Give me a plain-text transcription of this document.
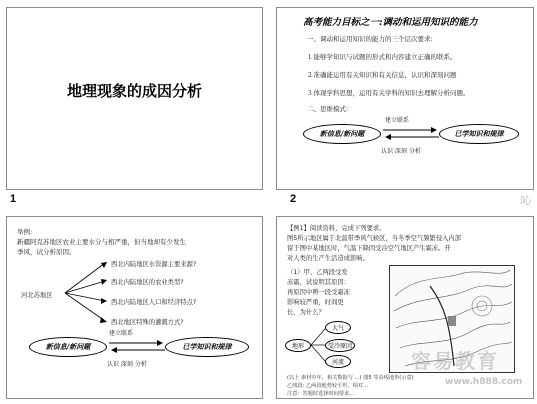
地理现象的成因分析
1
高考能力目标之一:调动和运用知识的能力
一、调动和运用知识的能力的三个层次要求:
⒈能够学知识与试题的形式和内容建立正确的联系。
⒉准确能运用有关知识和有关信息，认识和深刻问题
⒊体现学科思想，运用有关学科的知识去理解分析问题。
二、思维模式:
建立联系
新信息/新问题	已学知识和规律
认识 深刻 分析
2	吣
举例:
新疆阿克苏地区农业主要水分与相严重，但当地却有少发生
季风，试分析原因。
河北苏地区
西北内陆地区水资源主要来源?
西北内陆地区的农业类型?
西北内陆地区人口和经济特点?
西北地区特殊的灌溉方式?
建立联系
新信息/新问题	已学知识和规律
认识 深刻 分析
【例1】阅读资料，完成下列要求。
图5所示地区属于北温带季风气候区，当冬季空气频繁侵入内部
留于图中某地区时，气温下降因受冷空气地区产生霜冻。开
对人类的生产生活造成影响。
（1）甲、乙两段受发
冻霜，试说明其原因：
再原因中辨一段受霜冻
影响较严重，时间更
长，为什么？
地形
大气
受冷原因
河流	容易教育
www.h888.com
(以上 素材中年，相关数据与 ...) 图5 等高线地形(示意)
乙线段: 乙两段地势较平坦，相对...
注意：答题时选择时间要求...
